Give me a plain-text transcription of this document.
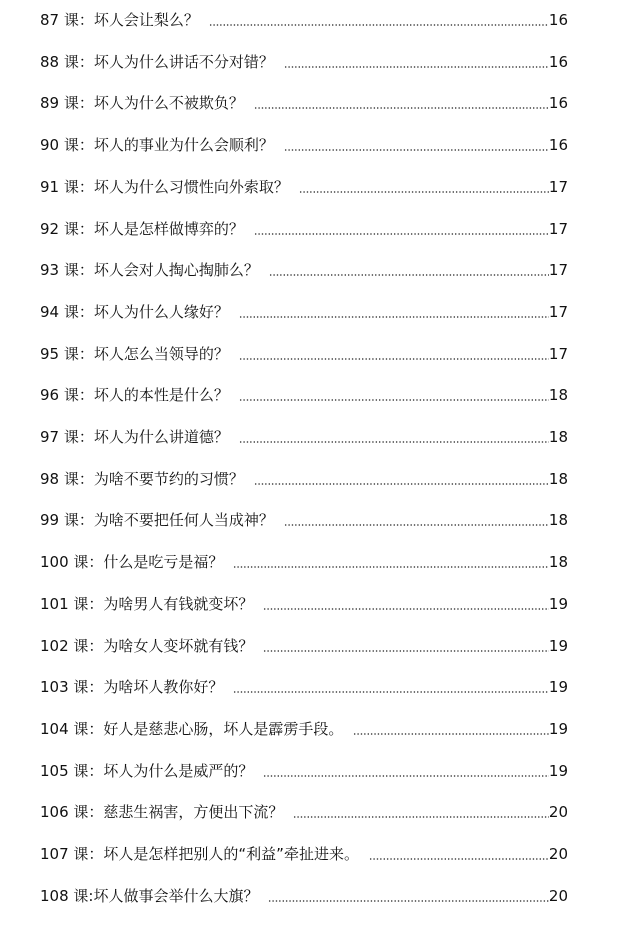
87 课：坏人会让梨么？	16
88 课：坏人为什么讲话不分对错？	16
89 课：坏人为什么不被欺负？	16
90 课：坏人的事业为什么会顺利？	16
91 课：坏人为什么习惯性向外索取？	17
92 课：坏人是怎样做博弈的？	17
93 课：坏人会对人掏心掏肺么？	17
94 课：坏人为什么人缘好？	17
95 课：坏人怎么当领导的？	17
96 课：坏人的本性是什么？	18
97 课：坏人为什么讲道德？	18
98 课：为啥不要节约的习惯？	18
99 课：为啥不要把任何人当成神？	18
100 课：什么是吃亏是福？	18
101 课：为啥男人有钱就变坏？	19
102 课：为啥女人变坏就有钱？	19
103 课：为啥坏人教你好？	19
104 课：好人是慈悲心肠，坏人是霹雳手段。	19
105 课：坏人为什么是威严的？	19
106 课：慈悲生祸害，方便出下流？	20
107 课：坏人是怎样把别人的“利益”牵扯进来。	20
108 课:坏人做事会举什么大旗？	20
